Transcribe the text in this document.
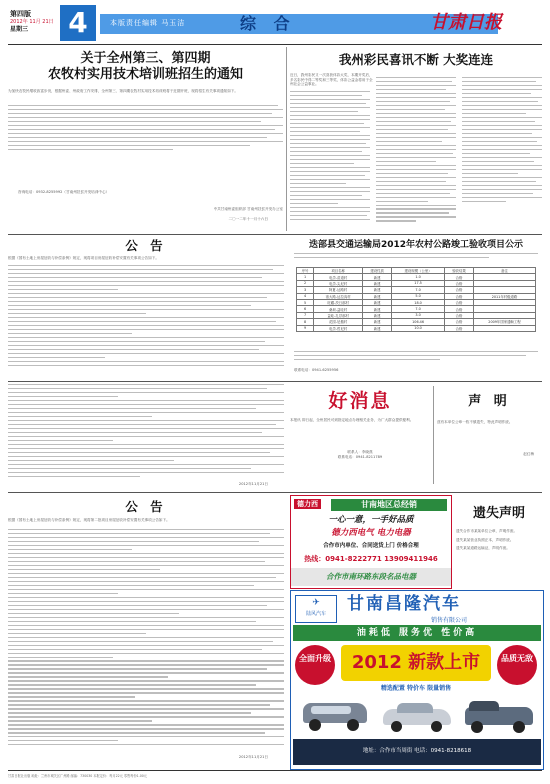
第四版
2012年 11月 21日
星期三	4	本版责任编辑 马玉洁	综 合	甘肃日报
关于全州第三、第四期
农牧村实用技术培训班招生的通知
为加快农牧民增收致富步伐，根据州委、州政府工作安排，全州第三、第四期农牧村实用技术培训班将于近期开班，现将招生有关事项通知如下。
咨询电话：0932-8255992（甘南州扶贫开发培训中心）
中共甘南州委组织部 甘南州扶贫开发办公室
二〇一二年十一月十六日
我州彩民喜讯不断 大奖连连
近日，我州彩民又一次喜获体彩大奖，本期开奖后，多名彩民中得二等奖和三等奖，体彩公益金将用于全州社会公益事业。
迭部县交通运输局2012年农村公路竣工验收项目公示
序号	项目名称	建设性质	建设规模（公里）	验收结果	备注
1	电尕-苗道村	新建	1.0	合格	
2	电尕-尖尼村	新建	17.5	合格	
3	阿夏-达路村	新建	7.0	合格	
4	洛大路-达拉沟村	新建	5.0	合格	2011年村级道路
5	旺藏-茨日那村	新建	18.0	合格	
6	桑坝-益哇村	新建	7.0	合格	
7	益哇-扎尕那村	新建	3.0	合格	
8	花园-尼傲村	新建	106.46	合格	2009年国家通畅工程
9	电尕-哲尼村	新建	10.0	合格	
联系电话：0941-6255956
公 告
根据《国有土地上房屋征收与补偿条例》规定，现将项目房屋征收补偿安置有关事项公告如下。
2012年11月21日
好消息
本报讯 即日起，全州居民可到指定地点办理相关业务，为广大群众提供便利。
联系人：李晓燕
联系电话：0941-8211789
声 明
兹有本单位公章一枚不慎遗失，特此声明作废。
赵红梅
公 告
根据《国有土地上房屋征收与补偿条例》规定，现将第二批项目房屋征收补偿安置有关事项公告如下。
2012年11月21日
德力西	甘南地区总经销
一心一意，一手好品质
德力西电气 电力电器
合作市内单位、合同送货上门 价格合理
热线：0941-8222771 13909411946
合作市南环路东段名品电器
遗失声明
遗失合作市某某单位公章，声明作废。
遗失某某营业执照正本，声明作废。
遗失某某道路运输证，声明作废。
✈
陆风汽车	甘南昌隆汽车
销售有限公司
油耗低 服务优 性价高
全面升级	2012 新款上市	品质无敌
精选配置 特价车 限量销售
地址：合作市当周街 电话：0941-8218618
甘肃日报社出版 地址：兰州市城关区广州路 邮编：730030 本报定价：每月22元 零售每份1.00元
